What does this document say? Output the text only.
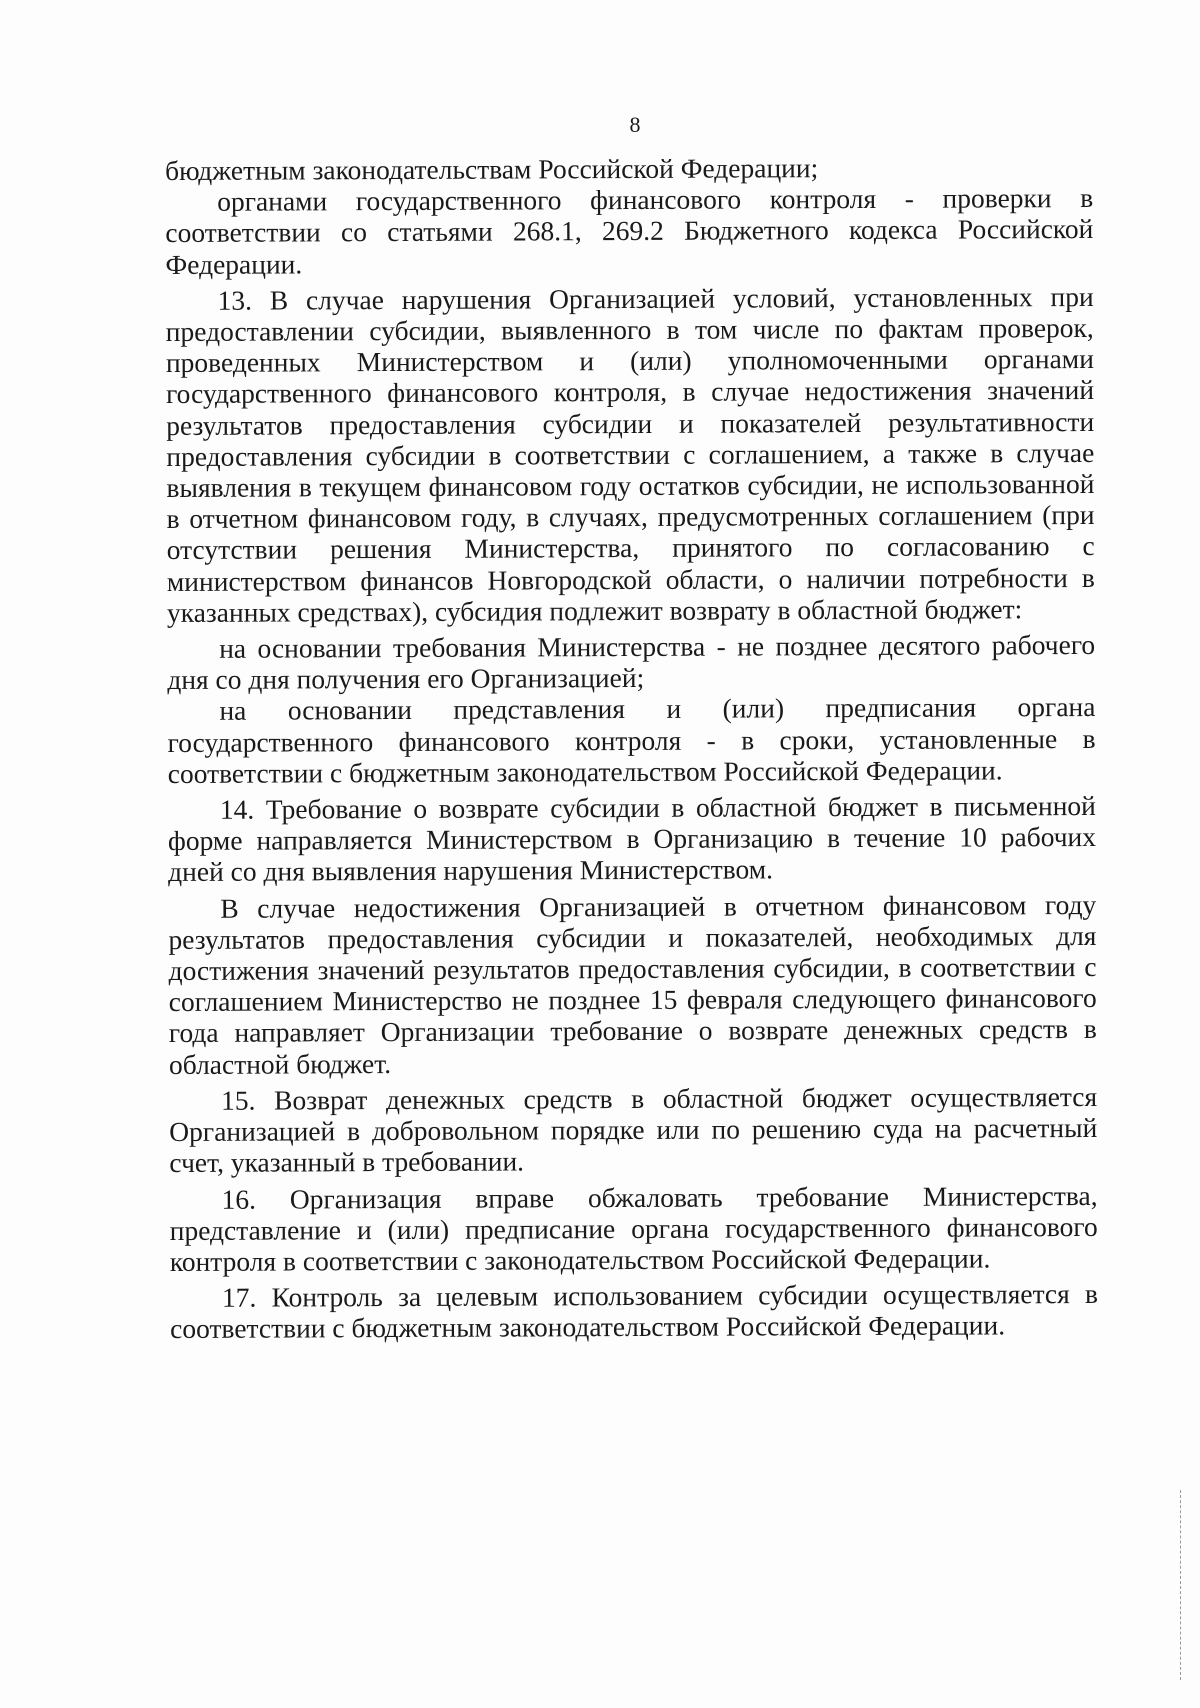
8

бюджетным законодательствам Российской Федерации;

органами государственного финансового контроля - проверки в соответствии со статьями 268.1, 269.2 Бюджетного кодекса Российской Федерации.

13. В случае нарушения Организацией условий, установленных при предоставлении субсидии, выявленного в том числе по фактам проверок, проведенных Министерством и (или) уполномоченными органами государственного финансового контроля, в случае недостижения значений результатов предоставления субсидии и показателей результативности предоставления субсидии в соответствии с соглашением, а также в случае выявления в текущем финансовом году остатков субсидии, не использованной в отчетном финансовом году, в случаях, предусмотренных соглашением (при отсутствии решения Министерства, принятого по согласованию с министерством финансов Новгородской области, о наличии потребности в указанных средствах), субсидия подлежит возврату в областной бюджет:

на основании требования Министерства - не позднее десятого рабочего дня со дня получения его Организацией;

на основании представления и (или) предписания органа государственного финансового контроля - в сроки, установленные в соответствии с бюджетным законодательством Российской Федерации.

14. Требование о возврате субсидии в областной бюджет в письменной форме направляется Министерством в Организацию в течение 10 рабочих дней со дня выявления нарушения Министерством.

В случае недостижения Организацией в отчетном финансовом году результатов предоставления субсидии и показателей, необходимых для достижения значений результатов предоставления субсидии, в соответствии с соглашением Министерство не позднее 15 февраля следующего финансового года направляет Организации требование о возврате денежных средств в областной бюджет.

15. Возврат денежных средств в областной бюджет осуществляется Организацией в добровольном порядке или по решению суда на расчетный счет, указанный в требовании.

16. Организация вправе обжаловать требование Министерства, представление и (или) предписание органа государственного финансового контроля в соответствии с законодательством Российской Федерации.

17. Контроль за целевым использованием субсидии осуществляется в соответствии с бюджетным законодательством Российской Федерации.
